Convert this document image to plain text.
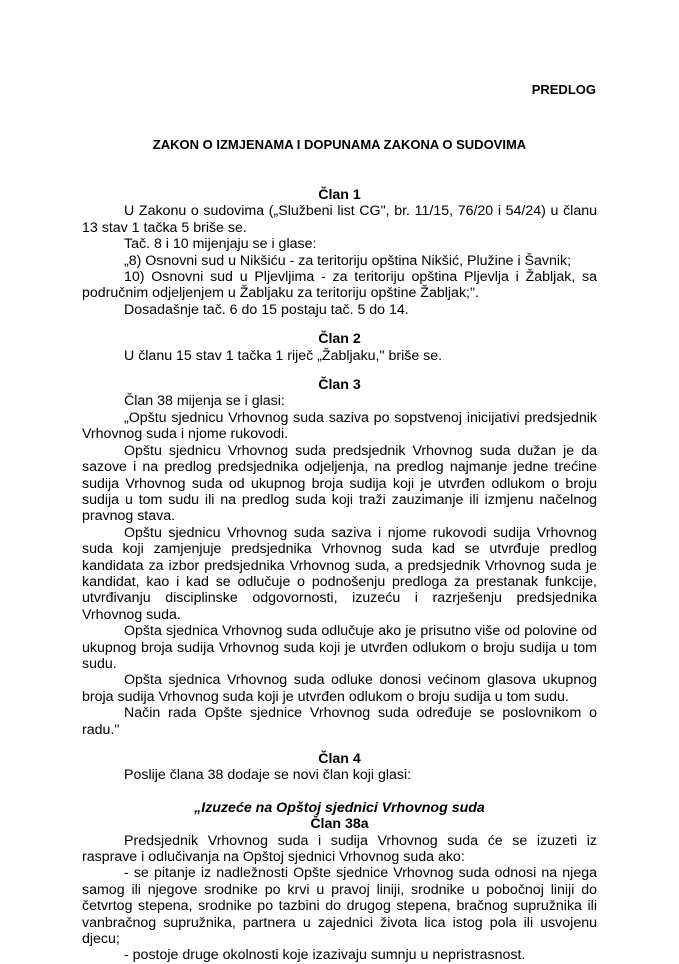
PREDLOG
ZAKON O IZMJENAMA I DOPUNAMA ZAKONA O SUDOVIMA
Član 1

U Zakonu o sudovima („Službeni list CG", br. 11/15, 76/20 i 54/24) u članu 13 stav 1 tačka 5 briše se.

Tač. 8 i 10 mijenjaju se i glase:

„8) Osnovni sud u Nikšiću - za teritoriju opština Nikšić, Plužine i Šavnik;

10) Osnovni sud u Pljevljima - za teritoriju opština Pljevlja i Žabljak, sa područnim odjeljenjem u Žabljaku za teritoriju opštine Žabljak;".

Dosadašnje tač. 6 do 15 postaju tač. 5 do 14.

Član 2

U članu 15 stav 1 tačka 1 riječ „Žabljaku," briše se.

Član 3

Član 38 mijenja se i glasi:

„Opštu sjednicu Vrhovnog suda saziva po sopstvenoj inicijativi predsjednik Vrhovnog suda i njome rukovodi.

Opštu sjednicu Vrhovnog suda predsjednik Vrhovnog suda dužan je da sazove i na predlog predsjednika odjeljenja, na predlog najmanje jedne trećine sudija Vrhovnog suda od ukupnog broja sudija koji je utvrđen odlukom o broju sudija u tom sudu ili na predlog suda koji traži zauzimanje ili izmjenu načelnog pravnog stava.

Opštu sjednicu Vrhovnog suda saziva i njome rukovodi sudija Vrhovnog suda koji zamjenjuje predsjednika Vrhovnog suda kad se utvrđuje predlog kandidata za izbor predsjednika Vrhovnog suda, a predsjednik Vrhovnog suda je kandidat, kao i kad se odlučuje o podnošenju predloga za prestanak funkcije, utvrđivanju disciplinske odgovornosti, izuzeću i razrješenju predsjednika Vrhovnog suda.

Opšta sjednica Vrhovnog suda odlučuje ako je prisutno više od polovine od ukupnog broja sudija Vrhovnog suda koji je utvrđen odlukom o broju sudija u tom sudu.

Opšta sjednica Vrhovnog suda odluke donosi većinom glasova ukupnog broja sudija Vrhovnog suda koji je utvrđen odlukom o broju sudija u tom sudu.

Način rada Opšte sjednice Vrhovnog suda određuje se poslovnikom o radu."

Član 4

Poslije člana 38 dodaje se novi član koji glasi:

„Izuzeće na Opštoj sjednici Vrhovnog suda
Član 38a

Predsjednik Vrhovnog suda i sudija Vrhovnog suda će se izuzeti iz rasprave i odlučivanja na Opštoj sjednici Vrhovnog suda ako:

- se pitanje iz nadležnosti Opšte sjednice Vrhovnog suda odnosi na njega samog ili njegove srodnike po krvi u pravoj liniji, srodnike u pobočnoj liniji do četvrtog stepena, srodnike po tazbini do drugog stepena, bračnog supružnika ili vanbračnog supružnika, partnera u zajednici života lica istog pola ili usvojenu djecu;

- postoje druge okolnosti koje izazivaju sumnju u nepristrasnost.
